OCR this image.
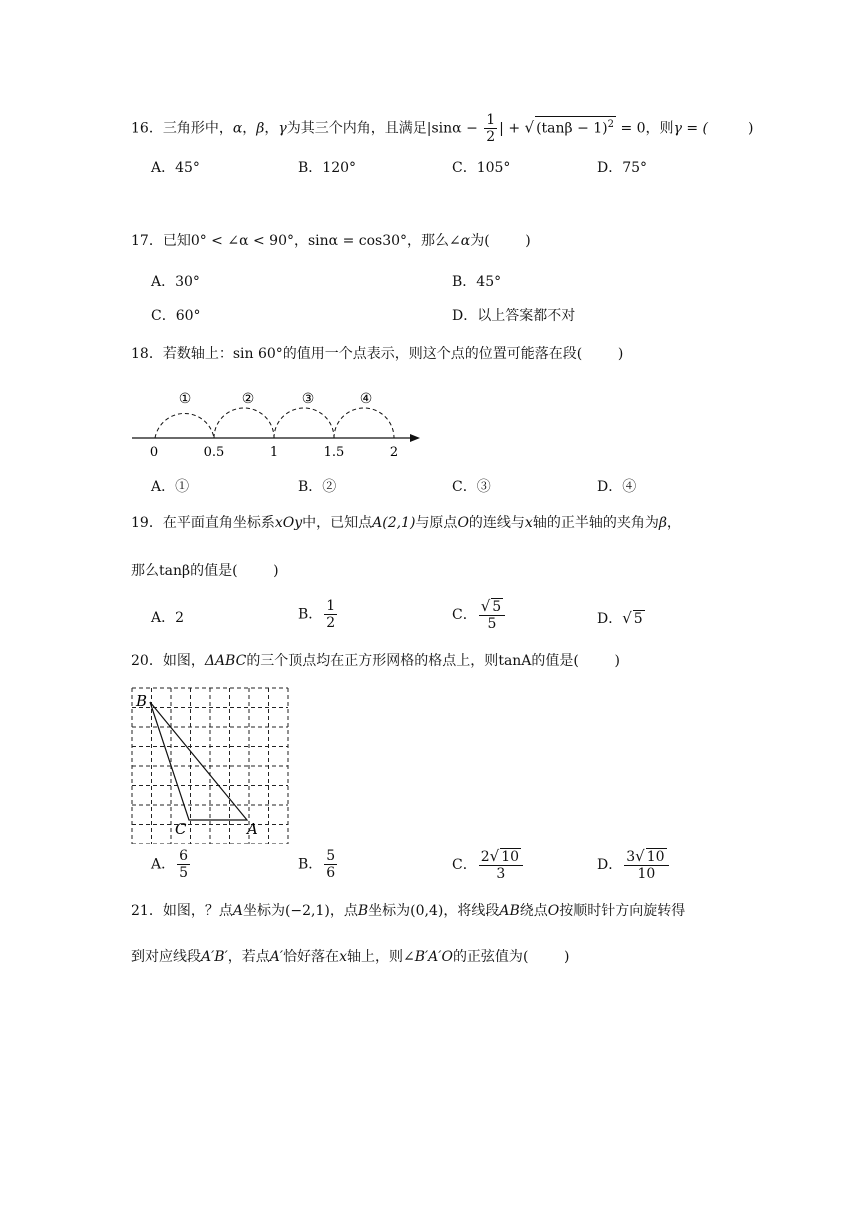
16．三角形中，α，β，γ为其三个内角，且满足$|\sin\alpha - \frac{1}{2}$ | + √ $(\tan\beta - 1)^2 = 0$，则γ = (	)
A．45°	B．120°	C．105°	D．75°
17．已知0° < ∠α < 90°，sinα = cos30°，那么∠α为(        )
A．30°	B．45°
C．60°	D．以上答案都不对
18．若数轴上：sin 60°的值用一个点表示，则这个点的位置可能落在段(        )
①	②	③	④
0	0.5	1	1.5	2
A．①	B．②	C．③	D．④
19．在平面直角坐标系xOy中，已知点A(2,1)与原点O的连线与x轴的正半轴的夹角为β，
那么tanβ的值是(        )
A．2	B． $\frac{1}{2}$	C． $\frac{√ 5}{5}$	D．√ 5
20．如图，ΔABC的三个顶点均在正方形网格的格点上，则tanA的值是(        )
B
C	A
A． $\frac{6}{5}$	B． $\frac{5}{6}$	C． $\frac{2√ 10}{3}$	D． $\frac{3√ 10}{10}$
21．如图，？点A坐标为(−2,1)，点B坐标为(0,4)，将线段AB绕点O按顺时针方向旋转得
到对应线段A′B′，若点A′恰好落在x轴上，则∠B′A′O的正弦值为(        )
